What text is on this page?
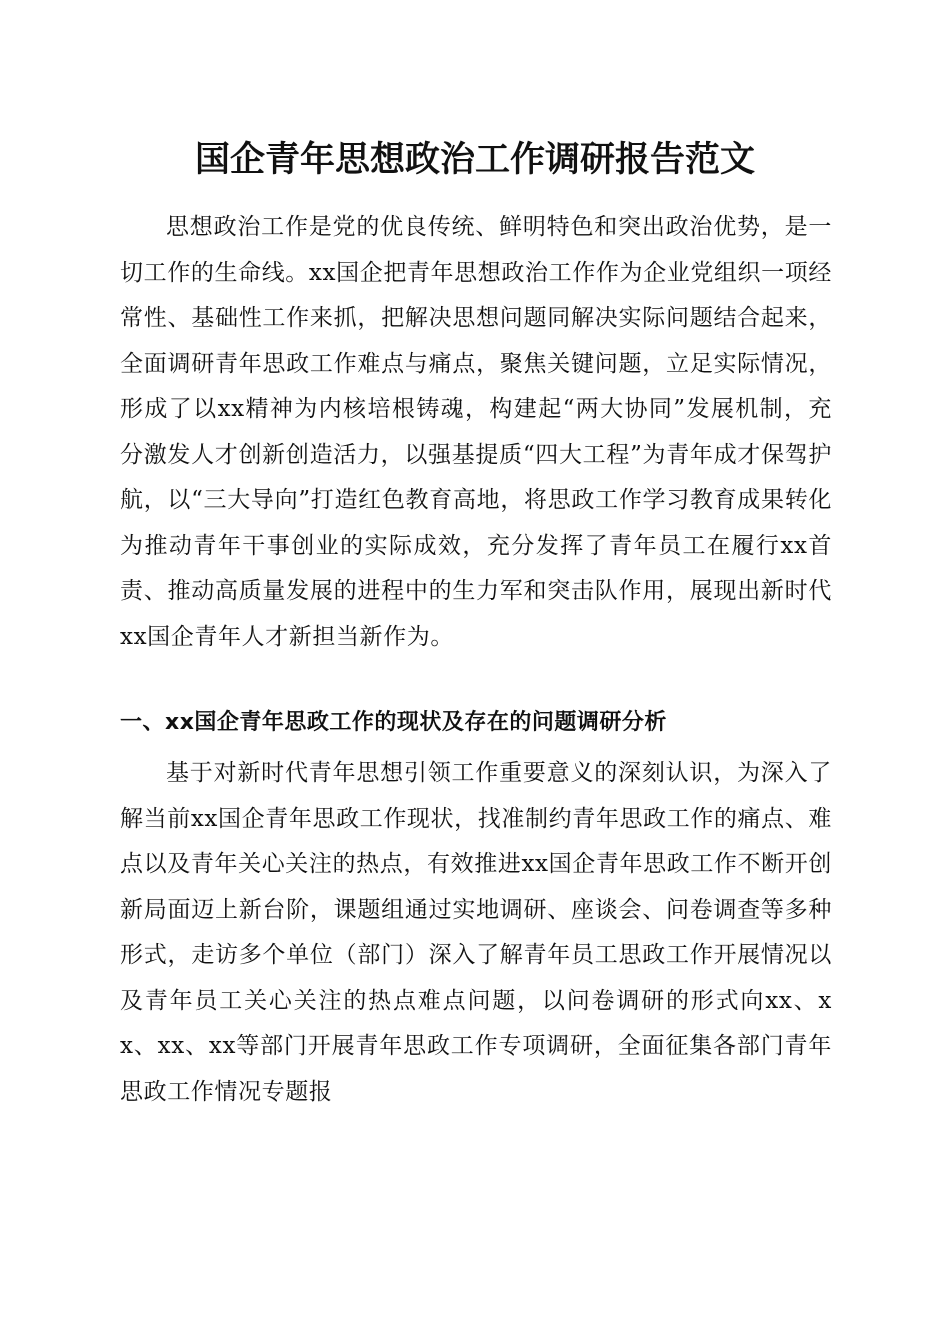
国企青年思想政治工作调研报告范文

思想政治工作是党的优良传统、鲜明特色和突出政治优势，是一切工作的生命线。xx国企把青年思想政治工作作为企业党组织一项经常性、基础性工作来抓，把解决思想问题同解决实际问题结合起来，全面调研青年思政工作难点与痛点，聚焦关键问题，立足实际情况，形成了以xx精神为内核培根铸魂，构建起“两大协同”发展机制，充分激发人才创新创造活力，以强基提质“四大工程”为青年成才保驾护航，以“三大导向”打造红色教育高地，将思政工作学习教育成果转化为推动青年干事创业的实际成效，充分发挥了青年员工在履行xx首责、推动高质量发展的进程中的生力军和突击队作用，展现出新时代xx国企青年人才新担当新作为。

一、xx国企青年思政工作的现状及存在的问题调研分析

基于对新时代青年思想引领工作重要意义的深刻认识，为深入了解当前xx国企青年思政工作现状，找准制约青年思政工作的痛点、难点以及青年关心关注的热点，有效推进xx国企青年思政工作不断开创新局面迈上新台阶，课题组通过实地调研、座谈会、问卷调查等多种形式，走访多个单位（部门）深入了解青年员工思政工作开展情况以及青年员工关心关注的热点难点问题，以问卷调研的形式向xx、xx、xx、xx等部门开展青年思政工作专项调研，全面征集各部门青年思政工作情况专题报
